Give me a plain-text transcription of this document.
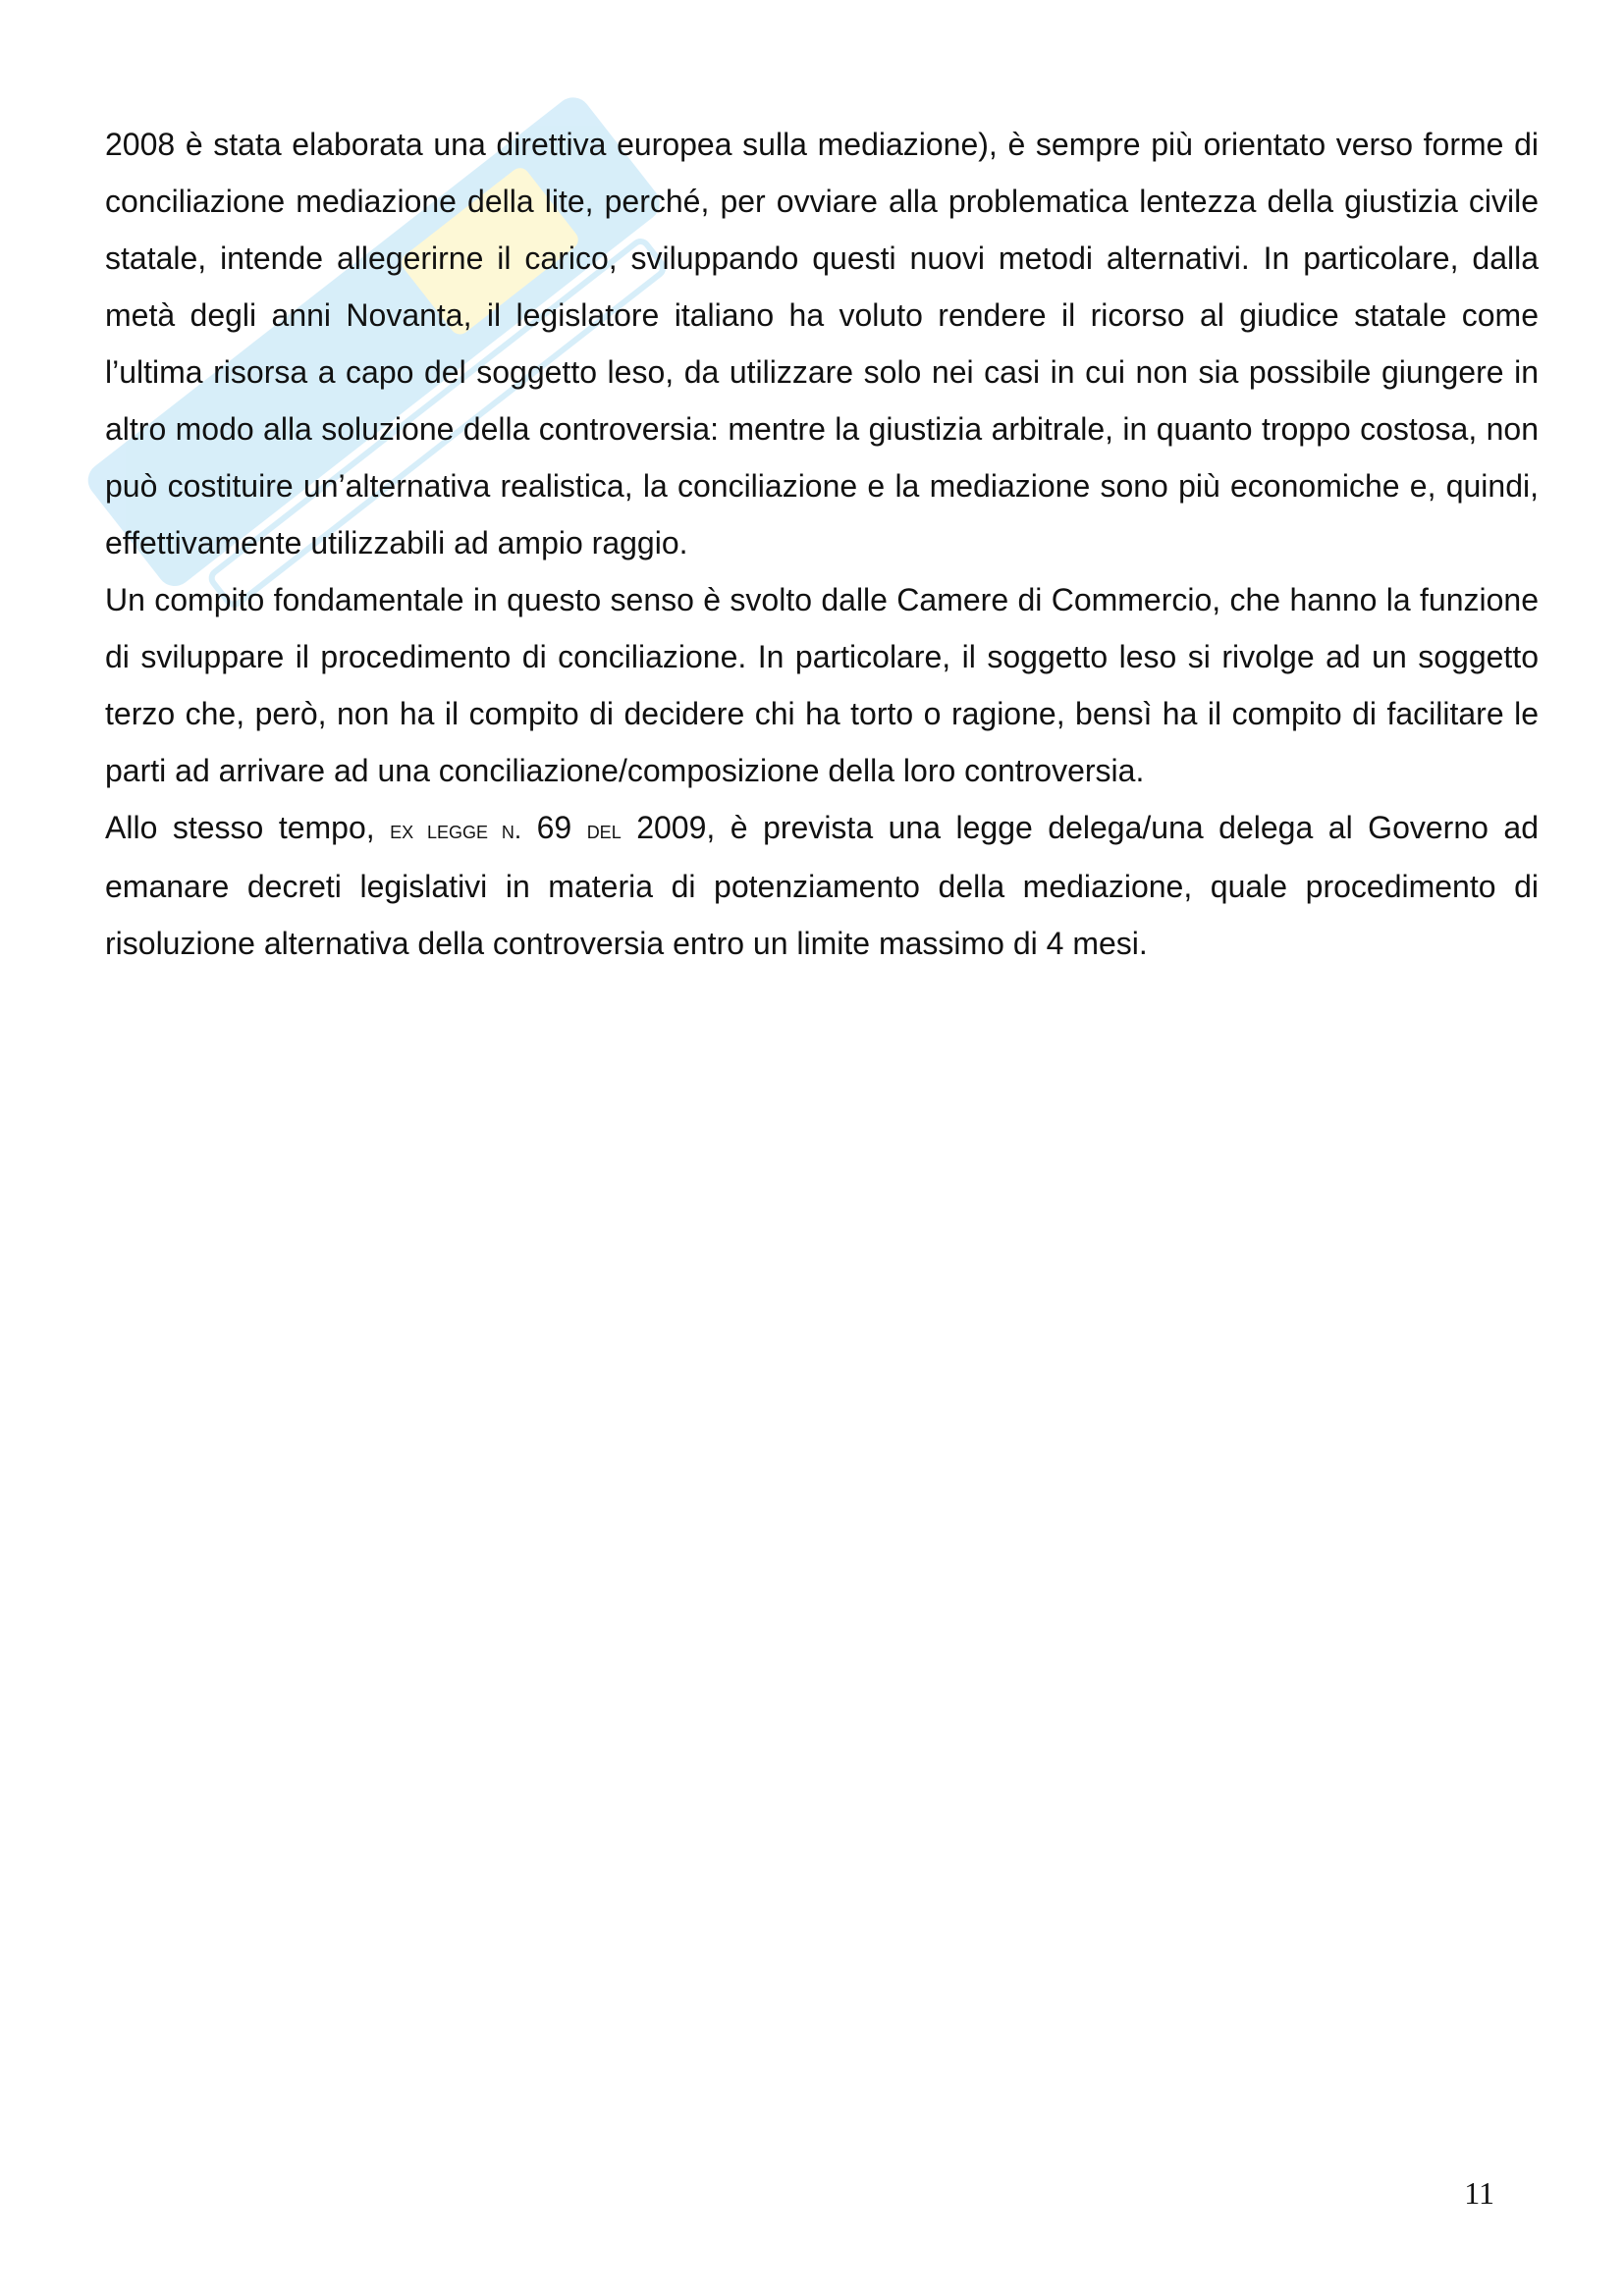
2008 è stata elaborata una direttiva europea sulla mediazione), è sempre più orientato verso forme di conciliazione mediazione della lite, perché, per ovviare alla problematica lentezza della giustizia civile statale, intende allegerirne il carico, sviluppando questi nuovi metodi alternativi. In particolare, dalla metà degli anni Novanta, il legislatore italiano ha voluto rendere il ricorso al giudice statale come l’ultima risorsa a capo del soggetto leso, da utilizzare solo nei casi in cui non sia possibile giungere in altro modo alla soluzione della controversia: mentre la giustizia arbitrale, in quanto troppo costosa, non può costituire un’alternativa realistica, la conciliazione e la mediazione sono più economiche e, quindi, effettivamente utilizzabili ad ampio raggio.

Un compito fondamentale in questo senso è svolto dalle Camere di Commercio, che hanno la funzione di sviluppare il procedimento di conciliazione. In particolare, il soggetto leso si rivolge ad un soggetto terzo che, però, non ha il compito di decidere chi ha torto o ragione, bensì ha il compito di facilitare le parti ad arrivare ad una conciliazione/composizione della loro controversia.

Allo stesso tempo, ex legge n. 69 del 2009, è prevista una legge delega/una delega al Governo ad emanare decreti legislativi in materia di potenziamento della mediazione, quale procedimento di risoluzione alternativa della controversia entro un limite massimo di 4 mesi.

11
